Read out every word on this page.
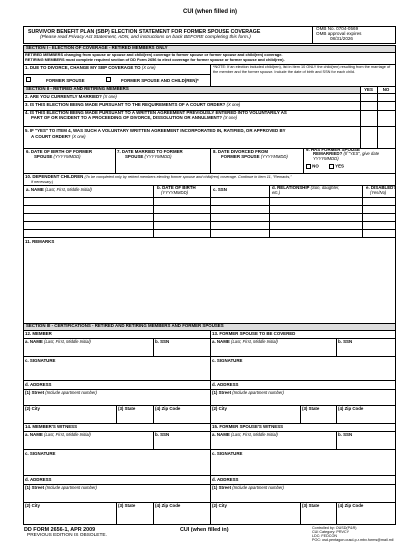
CUI (when filled in)
SURVIVOR BENEFIT PLAN (SBP) ELECTION STATEMENT FOR FORMER SPOUSE COVERAGE
(Please read Privacy Act Statement, ADN, and instructions on back BEFORE completing this form.)
OMB No. 0704-0569
OMB approval expires
08/31/2026
SECTION I - ELECTION OF COVERAGE - RETIRED MEMBERS ONLY
RETIRED MEMBERS changing from spouse or spouse and child(ren) coverage to former spouse or former spouse and child(ren) coverage.
RETIRING MEMBERS must complete required section of DD Form 2656 to elect coverage for former spouse or former spouse and child(ren).
1. DUE TO DIVORCE, CHANGE MY SBP COVERAGE TO (X one)	*NOTE: If an election included child(ren), list in Item 10 ONLY the child(ren) resulting from the marriage of the member and the former spouse. Include the date of birth and SSN for each child.
FORMER SPOUSE	FORMER SPOUSE AND CHILD(REN)*
SECTION II - RETIRED AND RETIRING MEMBERS	YES	NO
2. ARE YOU CURRENTLY MARRIED? (X one)
3. IS THIS ELECTION BEING MADE PURSUANT TO THE REQUIREMENTS OF A COURT ORDER? (X one)
4. IS THIS ELECTION BEING MADE PURSUANT TO A WRITTEN AGREEMENT PREVIOUSLY ENTERED INTO VOLUNTARILY AS
PART OF OR INCIDENT TO A PROCEEDING OF DIVORCE, DISSOLUTION OR ANNULMENT? (X one)
5. IF "YES" TO ITEM 4, WAS SUCH A VOLUNTARY WRITTEN AGREEMENT INCORPORATED IN, RATIFIED, OR APPROVED BY
A COURT ORDER? (X one)
6. DATE OF BIRTH OF FORMER
SPOUSE (YYYYMMDD)
7. DATE MARRIED TO FORMER
SPOUSE (YYYYMMDD)
8. DATE DIVORCED FROM
FORMER SPOUSE (YYYYMMDD)
9. HAS FORMER SPOUSE
REMARRIED? (If "YES", give date
YYYYMMDD)
NO	YES
10. DEPENDENT CHILDREN (To be completed only by retired members electing former spouse and child(ren) coverage. Continue in Item 11, "Remarks,"
if necessary.)
a. NAME (Last, First, Middle Initial)	b. DATE OF BIRTH
(YYYYMMDD)
c. SSN	d. RELATIONSHIP (Son, daughter,
etc.)
e. DISABLED?
(Yes/No)
11. REMARKS
SECTION III - CERTIFICATIONS - RETIRED AND RETIRING MEMBERS AND FORMER SPOUSES
12. MEMBER	13. FORMER SPOUSE TO BE COVERED
a. NAME (Last, First, Middle Initial)	b. SSN	a. NAME (Last, First, Middle Initial)	b. SSN
c. SIGNATURE	c. SIGNATURE
d. ADDRESS	d. ADDRESS
(1) Street (Include apartment number)	(1) Street (Include apartment number)
(2) City	(3) State	(4) Zip Code	(2) City	(3) State	(4) Zip Code
14. MEMBER'S WITNESS	15. FORMER SPOUSE'S WITNESS
a. NAME (Last, First, Middle Initial)	b. SSN	a. NAME (Last, First, Middle Initial)	b. SSN
c. SIGNATURE	c. SIGNATURE
d. ADDRESS	d. ADDRESS
(1) Street (Include apartment number)	(1) Street (Include apartment number)
(2) City	(3) State	(4) Zip Code	(2) City	(3) State	(4) Zip Code
DD FORM 2656-1, APR 2009
PREVIOUS EDITION IS OBSOLETE.
CUI (when filled in)	Controlled by: OUSD(P&R)
CUI Category: PRVCY
LDC: FEDCON
POC: osd.pentagon.ousd-p-r.mbx.forms@mail.mil
